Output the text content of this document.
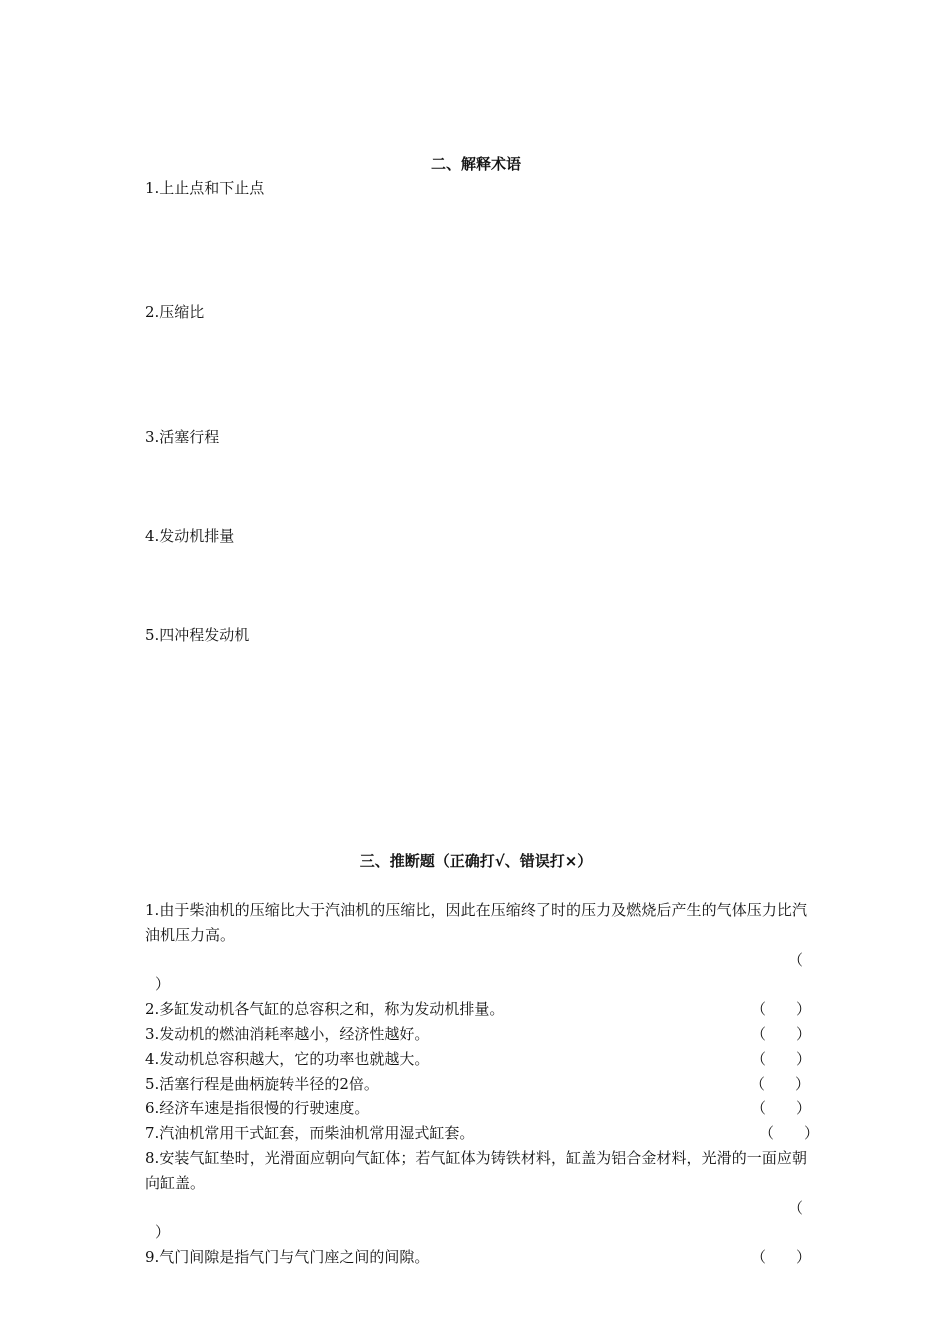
二、解释术语

1.上止点和下止点

2.压缩比

3.活塞行程

4.发动机排量

5.四冲程发动机

三、推断题（正确打√、错误打×）
1.由于柴油机的压缩比大于汽油机的压缩比，因此在压缩终了时的压力及燃烧后产生的气体压力比汽油机压力高。
（
）
2.多缸发动机各气缸的总容积之和，称为发动机排量。	（　　）
3.发动机的燃油消耗率越小，经济性越好。	（　　）
4.发动机总容积越大，它的功率也就越大。	（　　）
5.活塞行程是曲柄旋转半径的2倍。	（　　）
6.经济车速是指很慢的行驶速度。	（　　）
7.汽油机常用干式缸套，而柴油机常用湿式缸套。	（　　）
8.安装气缸垫时，光滑面应朝向气缸体；若气缸体为铸铁材料，缸盖为铝合金材料，光滑的一面应朝向缸盖。
（
）
9.气门间隙是指气门与气门座之间的间隙。	（　　）
